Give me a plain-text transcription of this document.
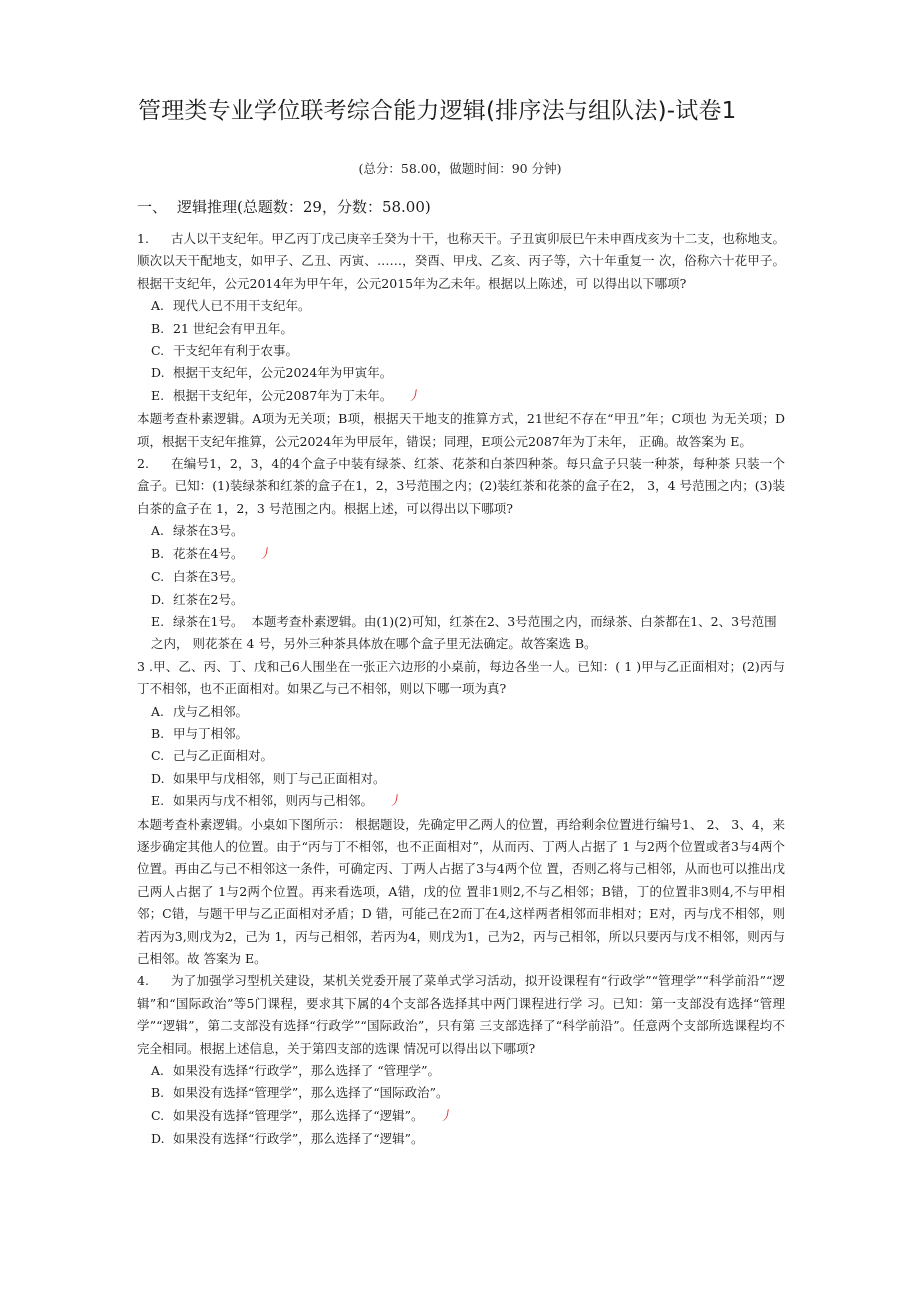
管理类专业学位联考综合能力逻辑(排序法与组队法)-试卷1
(总分：58.00，做题时间：90 分钟)
一、 逻辑推理(总题数：29，分数：58.00)

1. 古人以干支纪年。甲乙丙丁戊己庚辛壬癸为十干，也称天干。子丑寅卯辰巳午未申酉戌亥为十二支，也称地支。顺次以天干配地支，如甲子、乙丑、丙寅、……，癸酉、甲戌、乙亥、丙子等，六十年重复一 次，俗称六十花甲子。根据干支纪年，公元2014年为甲午年，公元2015年为乙未年。根据以上陈述，可 以得出以下哪项?

A. 现代人已不用干支纪年。

B. 21 世纪会有甲丑年。

C. 干支纪年有利于农事。

D. 根据干支纪年，公元2024年为甲寅年。

E. 根据干支纪年，公元2087年为丁未年。 丿

本题考查朴素逻辑。A项为无关项；B项，根据天干地支的推算方式，21世纪不存在“甲丑”年；C项也 为无关项；D项，根据干支纪年推算，公元2024年为甲辰年，错误；同理，E项公元2087年为丁未年， 正确。故答案为 E。

2. 在编号1，2，3，4的4个盒子中装有绿茶、红茶、花茶和白茶四种茶。每只盒子只装一种茶，每种茶 只装一个盒子。已知：(1)装绿茶和红茶的盒子在1，2，3号范围之内；(2)装红茶和花茶的盒子在2， 3，4 号范围之内；(3)装白茶的盒子在 1，2，3 号范围之内。根据上述，可以得出以下哪项?

A. 绿茶在3号。

B. 花茶在4号。 丿

C. 白茶在3号。

D. 红茶在2号。

E. 绿茶在1号。 本题考查朴素逻辑。由(1)(2)可知，红茶在2、3号范围之内，而绿茶、白茶都在1、2、3号范围之内， 则花茶在 4 号，另外三种茶具体放在哪个盒子里无法确定。故答案选 B。

3 .甲、乙、丙、丁、戊和己6人围坐在一张正六边形的小桌前，每边各坐一人。已知：( 1 )甲与乙正面相对；(2)丙与丁不相邻，也不正面相对。如果乙与己不相邻，则以下哪一项为真?

A. 戊与乙相邻。

B. 甲与丁相邻。

C. 己与乙正面相对。

D. 如果甲与戊相邻，则丁与己正面相对。

E. 如果丙与戊不相邻，则丙与己相邻。 丿

本题考查朴素逻辑。小桌如下图所示： 根据题设，先确定甲乙两人的位置，再给剩余位置进行编号1、 2、 3、4，来逐步确定其他人的位置。由于“丙与丁不相邻，也不正面相对”，从而丙、丁两人占据了 1 与2两个位置或者3与4两个位置。再由乙与己不相邻这一条件，可确定丙、丁两人占据了3与4两个位 置，否则乙将与己相邻，从而也可以推出戊己两人占据了 1与2两个位置。再来看选项，A错，戊的位 置非1则2,不与乙相邻；B错，丁的位置非3则4,不与甲相邻；C错，与题干甲与乙正面相对矛盾；D 错，可能己在2而丁在4,这样两者相邻而非相对；E对，丙与戊不相邻，则若丙为3,则戊为2，己为 1，丙与己相邻，若丙为4，则戊为1，己为2，丙与己相邻，所以只要丙与戊不相邻，则丙与己相邻。故 答案为 E。

4. 为了加强学习型机关建设，某机关党委开展了菜单式学习活动，拟开设课程有“行政学”“管理学”“科学前沿”“逻辑”和“国际政治”等5门课程，要求其下属的4个支部各选择其中两门课程进行学 习。已知：第一支部没有选择“管理学”“逻辑”，第二支部没有选择“行政学”“国际政治”，只有第 三支部选择了“科学前沿”。任意两个支部所选课程均不完全相同。根据上述信息，关于第四支部的选课 情况可以得出以下哪项?

A. 如果没有选择“行政学”，那么选择了 “管理学”。

B. 如果没有选择“管理学”，那么选择了“国际政治”。

C. 如果没有选择“管理学”，那么选择了“逻辑”。 丿

D. 如果没有选择“行政学”，那么选择了“逻辑”。
